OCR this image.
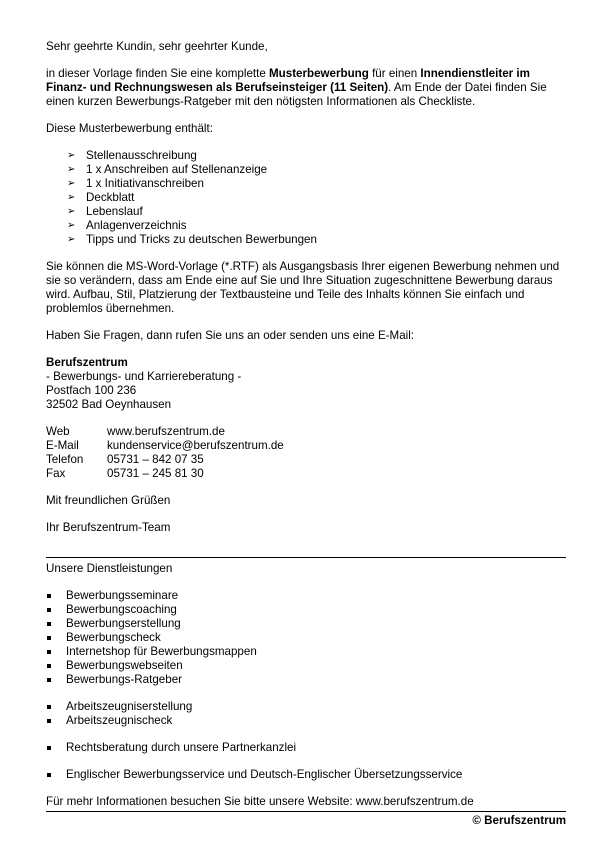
Sehr geehrte Kundin, sehr geehrter Kunde,

in dieser Vorlage finden Sie eine komplette Musterbewerbung für einen Innendienstleiter im Finanz- und Rechnungswesen als Berufseinsteiger (11 Seiten). Am Ende der Datei finden Sie einen kurzen Bewerbungs-Ratgeber mit den nötigsten Informationen als Checkliste.

Diese Musterbewerbung enthält:

➢ Stellenausschreibung
➢ 1 x Anschreiben auf Stellenanzeige
➢ 1 x Initiativanschreiben
➢ Deckblatt
➢ Lebenslauf
➢ Anlagenverzeichnis
➢ Tipps und Tricks zu deutschen Bewerbungen

Sie können die MS-Word-Vorlage (*.RTF) als Ausgangsbasis Ihrer eigenen Bewerbung nehmen und sie so verändern, dass am Ende eine auf Sie und Ihre Situation zugeschnittene Bewerbung daraus wird. Aufbau, Stil, Platzierung der Textbausteine und Teile des Inhalts können Sie einfach und problemlos übernehmen.

Haben Sie Fragen, dann rufen Sie uns an oder senden uns eine E-Mail:

Berufszentrum
- Bewerbungs- und Karriereberatung -
Postfach 100 236
32502 Bad Oeynhausen
Web	www.berufszentrum.de
E-Mail	kundenservice@berufszentrum.de
Telefon	05731 – 842 07 35
Fax	05731 – 245 81 30

Mit freundlichen Grüßen

Ihr Berufszentrum-Team

Unsere Dienstleistungen

Bewerbungsseminare
Bewerbungscoaching
Bewerbungserstellung
Bewerbungscheck
Internetshop für Bewerbungsmappen
Bewerbungswebseiten
Bewerbungs-Ratgeber
Arbeitszeugniserstellung
Arbeitszeugnischeck
Rechtsberatung durch unsere Partnerkanzlei
Englischer Bewerbungsservice und Deutsch-Englischer Übersetzungsservice

Für mehr Informationen besuchen Sie bitte unsere Website: www.berufszentrum.de

© Berufszentrum
